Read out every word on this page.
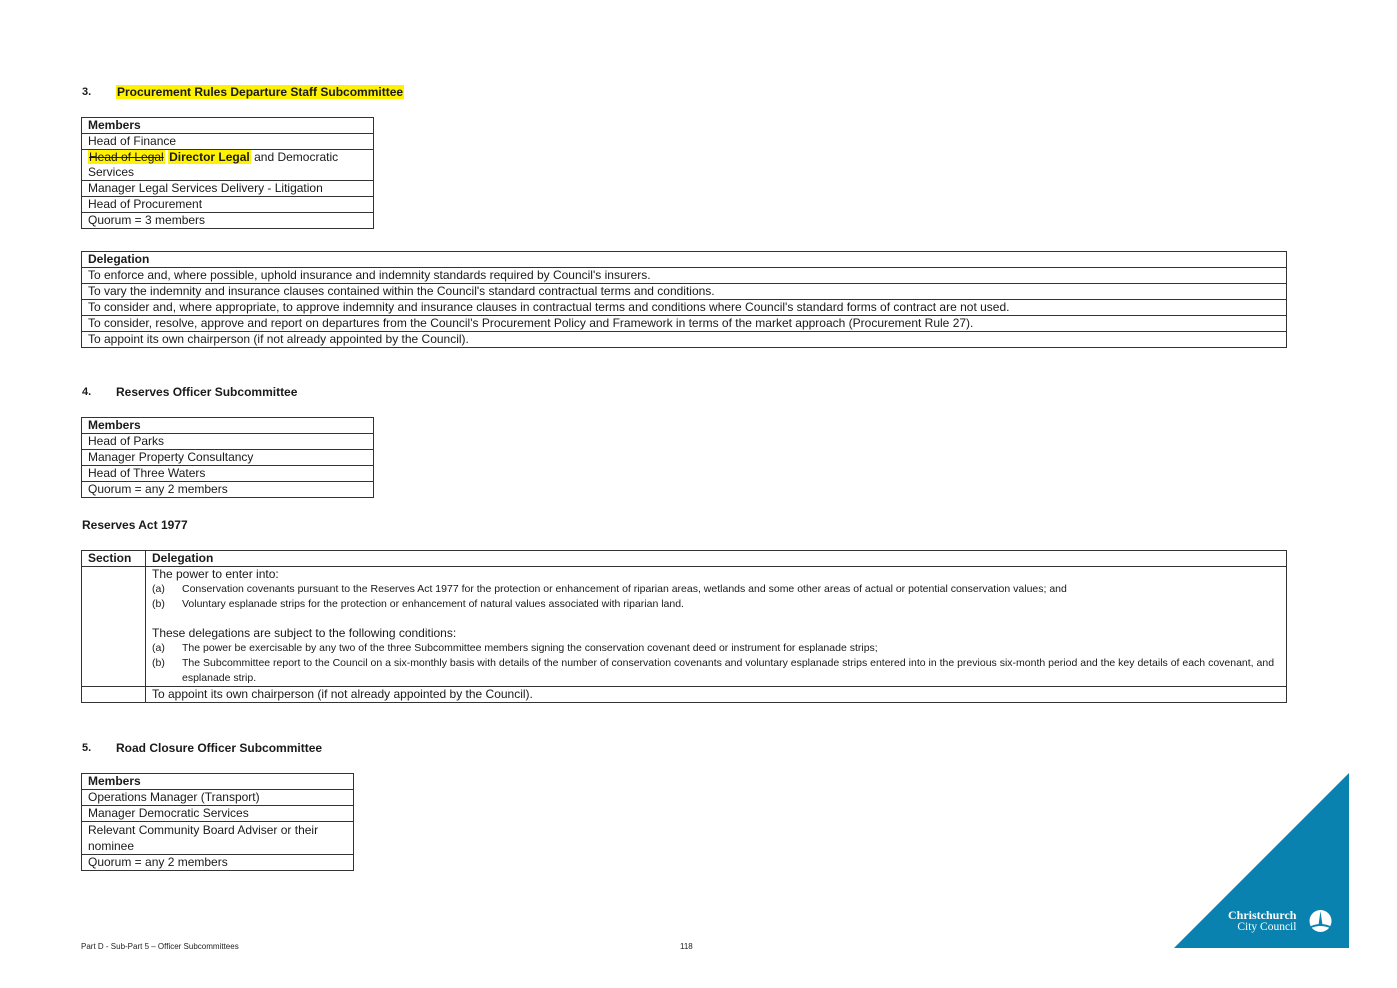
3.	Procurement Rules Departure Staff Subcommittee
Members
Head of Finance
Head of Legal Director Legal and Democratic Services
Manager Legal Services Delivery - Litigation
Head of Procurement
Quorum = 3 members
Delegation
To enforce and, where possible, uphold insurance and indemnity standards required by Council's insurers.
To vary the indemnity and insurance clauses contained within the Council's standard contractual terms and conditions.
To consider and, where appropriate, to approve indemnity and insurance clauses in contractual terms and conditions where Council's standard forms of contract are not used.
To consider, resolve, approve and report on departures from the Council's Procurement Policy and Framework in terms of the market approach (Procurement Rule 27).
To appoint its own chairperson (if not already appointed by the Council).
4.	Reserves Officer Subcommittee
Members
Head of Parks
Manager Property Consultancy
Head of Three Waters
Quorum = any 2 members
Reserves Act 1977
Section	Delegation

The power to enter into:
(a)	Conservation covenants pursuant to the Reserves Act 1977 for the protection or enhancement of riparian areas, wetlands and some other areas of actual or potential conservation values; and
(b)	Voluntary esplanade strips for the protection or enhancement of natural values associated with riparian land.
These delegations are subject to the following conditions:
(a)	The power be exercisable by any two of the three Subcommittee members signing the conservation covenant deed or instrument for esplanade strips;
(b)	The Subcommittee report to the Council on a six-monthly basis with details of the number of conservation covenants and voluntary esplanade strips entered into in the previous six-month period and the key details of each covenant, and esplanade strip.

	To appoint its own chairperson (if not already appointed by the Council).
5.	Road Closure Officer Subcommittee
Members
Operations Manager (Transport)
Manager Democratic Services
Relevant Community Board Adviser or their nominee
Quorum = any 2 members
Part D - Sub-Part 5 – Officer Subcommittees	118
Christchurch
City Council
